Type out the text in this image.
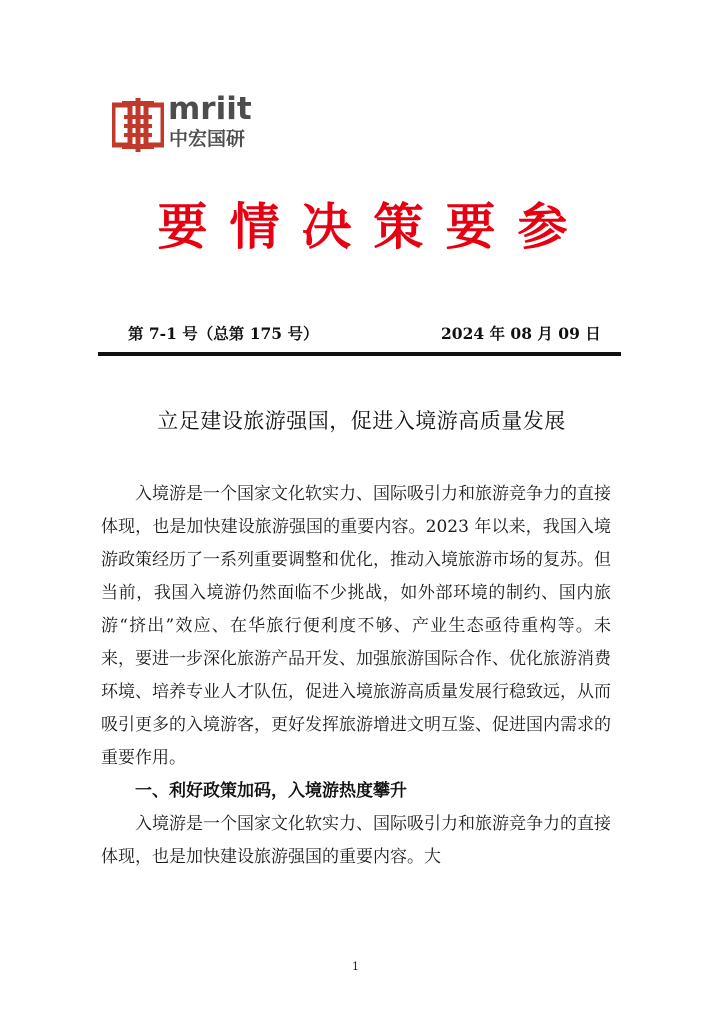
mriit
中宏国研
要情决策要参
第 7-1 号（总第 175 号）	2024 年 08 月 09 日
立足建设旅游强国，促进入境游高质量发展

入境游是一个国家文化软实力、国际吸引力和旅游竞争力的直接体现，也是加快建设旅游强国的重要内容。2023 年以来，我国入境游政策经历了一系列重要调整和优化，推动入境旅游市场的复苏。但当前，我国入境游仍然面临不少挑战，如外部环境的制约、国内旅游“挤出”效应、在华旅行便利度不够、产业生态亟待重构等。未来，要进一步深化旅游产品开发、加强旅游国际合作、优化旅游消费环境、培养专业人才队伍，促进入境旅游高质量发展行稳致远，从而吸引更多的入境游客，更好发挥旅游增进文明互鉴、促进国内需求的重要作用。

一、利好政策加码，入境游热度攀升

入境游是一个国家文化软实力、国际吸引力和旅游竞争力的直接体现，也是加快建设旅游强国的重要内容。大

1
